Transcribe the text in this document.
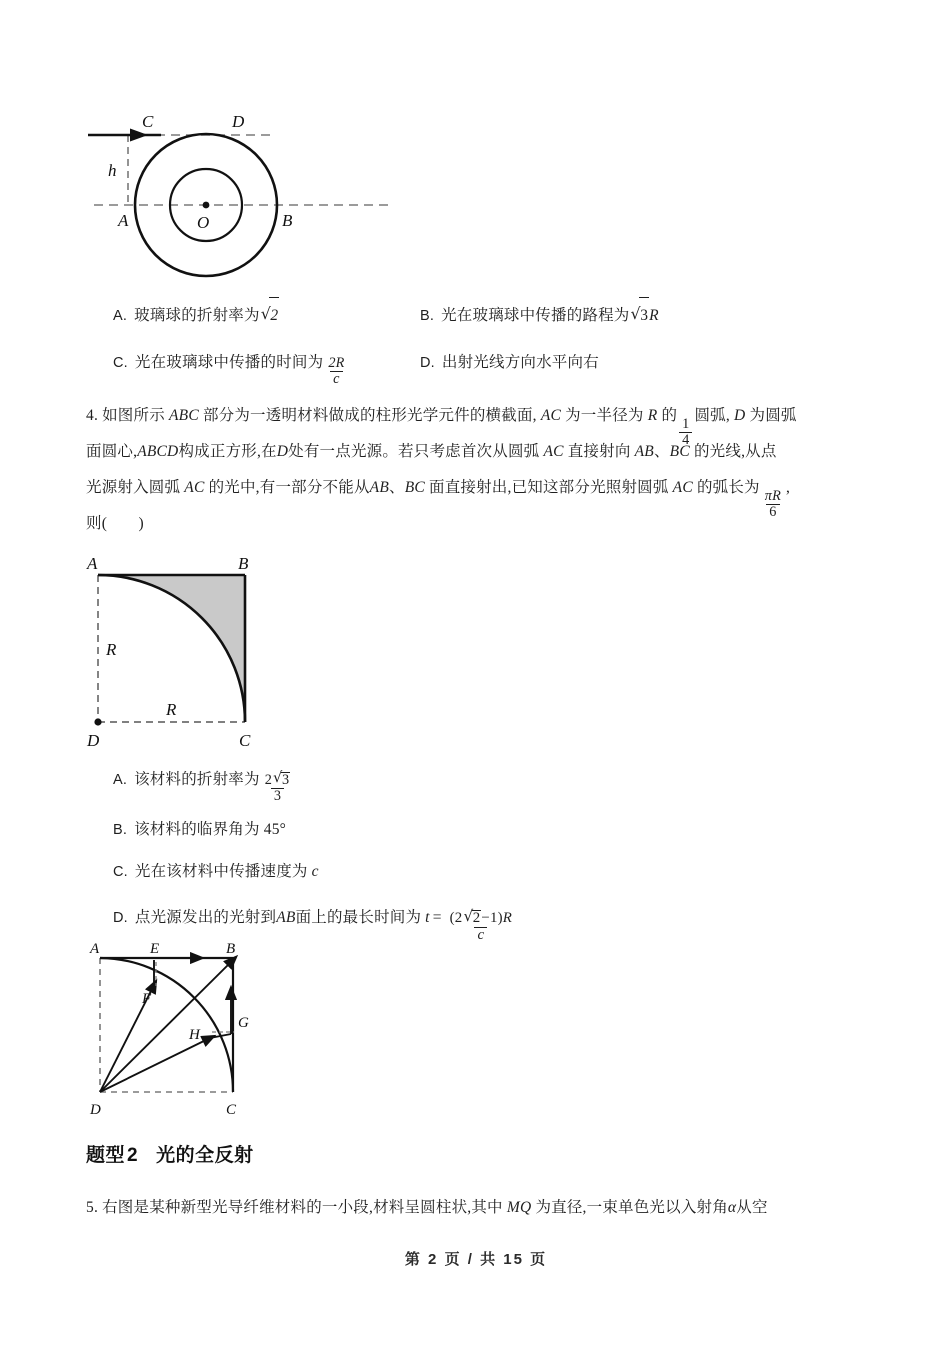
C	D
h
A	O	B
A. 玻璃球的折射率为 √ 2	B. 光在玻璃球中传播的路程为 √ 3 R
C. 光在玻璃球中传播的时间为 $\frac{2R}{c}$	D. 出射光线方向水平向右
4. 如图所示 ABC 部分为一透明材料做成的柱形光学元件的横截面, AC 为一半径为 R 的
$\frac{1}{4}$
圆弧, D 为圆弧
面圆心,ABCD构成正方形,在D处有一点光源。若只考虑首次从圆弧 AC 直接射向 AB、BC 的光线,从点
光源射入圆弧 AC 的光中,有一部分不能从AB、BC 面直接射出,已知这部分光照射圆弧 AC 的弧长为
$\frac{\pi R}{6}$
,
则(　　)
A	B
R
R
D	C
A. 该材料的折射率为 $\frac{2 √ 3}{3}$
B. 该材料的临界角为 45°
C. 光在该材料中传播速度为 c
D. 点光源发出的光射到 AB 面上的最长时间为 $t = \frac{(2 √ 2-1)R}{c}$
A	E	B
F
G
H
D	C
题型 2 光的全反射
5. 右图是某种新型光导纤维材料的一小段,材料呈圆柱状,其中 MQ 为直径,一束单色光以入射角α从空
第 2 页 / 共 15 页
